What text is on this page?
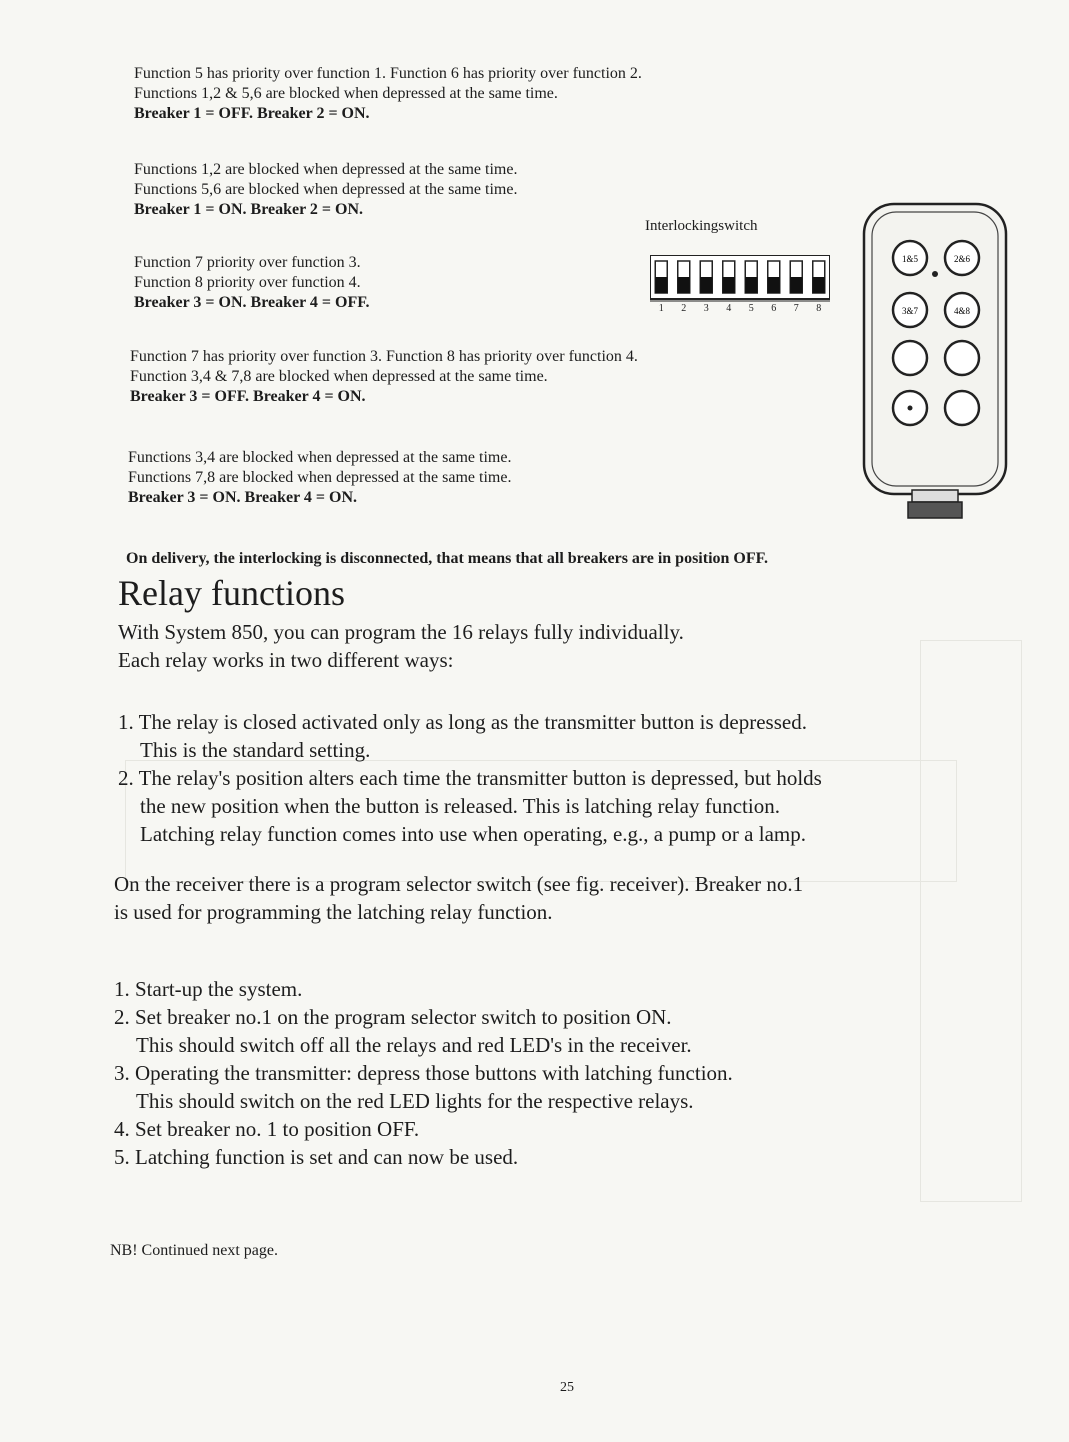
Function 5 has priority over function 1. Function 6 has priority over function 2.
Functions 1,2 & 5,6 are blocked when depressed at the same time.
Breaker 1 = OFF. Breaker 2 = ON.
Functions 1,2 are blocked when depressed at the same time.
Functions 5,6 are blocked when depressed at the same time.
Breaker 1 = ON. Breaker 2 = ON.
Function 7 priority over function 3.
Function 8 priority over function 4.
Breaker 3 = ON. Breaker 4 = OFF.
Function 7 has priority over function 3. Function 8 has priority over function 4.
Function 3,4 & 7,8 are blocked when depressed at the same time.
Breaker 3 = OFF. Breaker 4 = ON.
Functions 3,4 are blocked when depressed at the same time.
Functions 7,8 are blocked when depressed at the same time.
Breaker 3 = ON. Breaker 4 = ON.
Interlockingswitch
1 2 3 4 5 6 7 8
1&5	2&6
3&7	4&8
On delivery, the interlocking is disconnected, that means that all breakers are in position OFF.
Relay functions
With System 850, you can program the 16 relays fully individually.
Each relay works in two different ways:
1. The relay is closed activated only as long as the transmitter button is depressed.
This is the standard setting.
2. The relay's position alters each time the transmitter button is depressed, but holds
the new position when the button is released. This is latching relay function.
Latching relay function comes into use when operating, e.g., a pump or a lamp.
On the receiver there is a program selector switch (see fig. receiver). Breaker no.1
is used for programming the latching relay function.
1. Start-up the system.
2. Set breaker no.1 on the program selector switch to position ON.
This should switch off all the relays and red LED's in the receiver.
3. Operating the transmitter: depress those buttons with latching function.
This should switch on the red LED lights for the respective relays.
4. Set breaker no. 1 to position OFF.
5. Latching function is set and can now be used.
NB! Continued next page.
25
